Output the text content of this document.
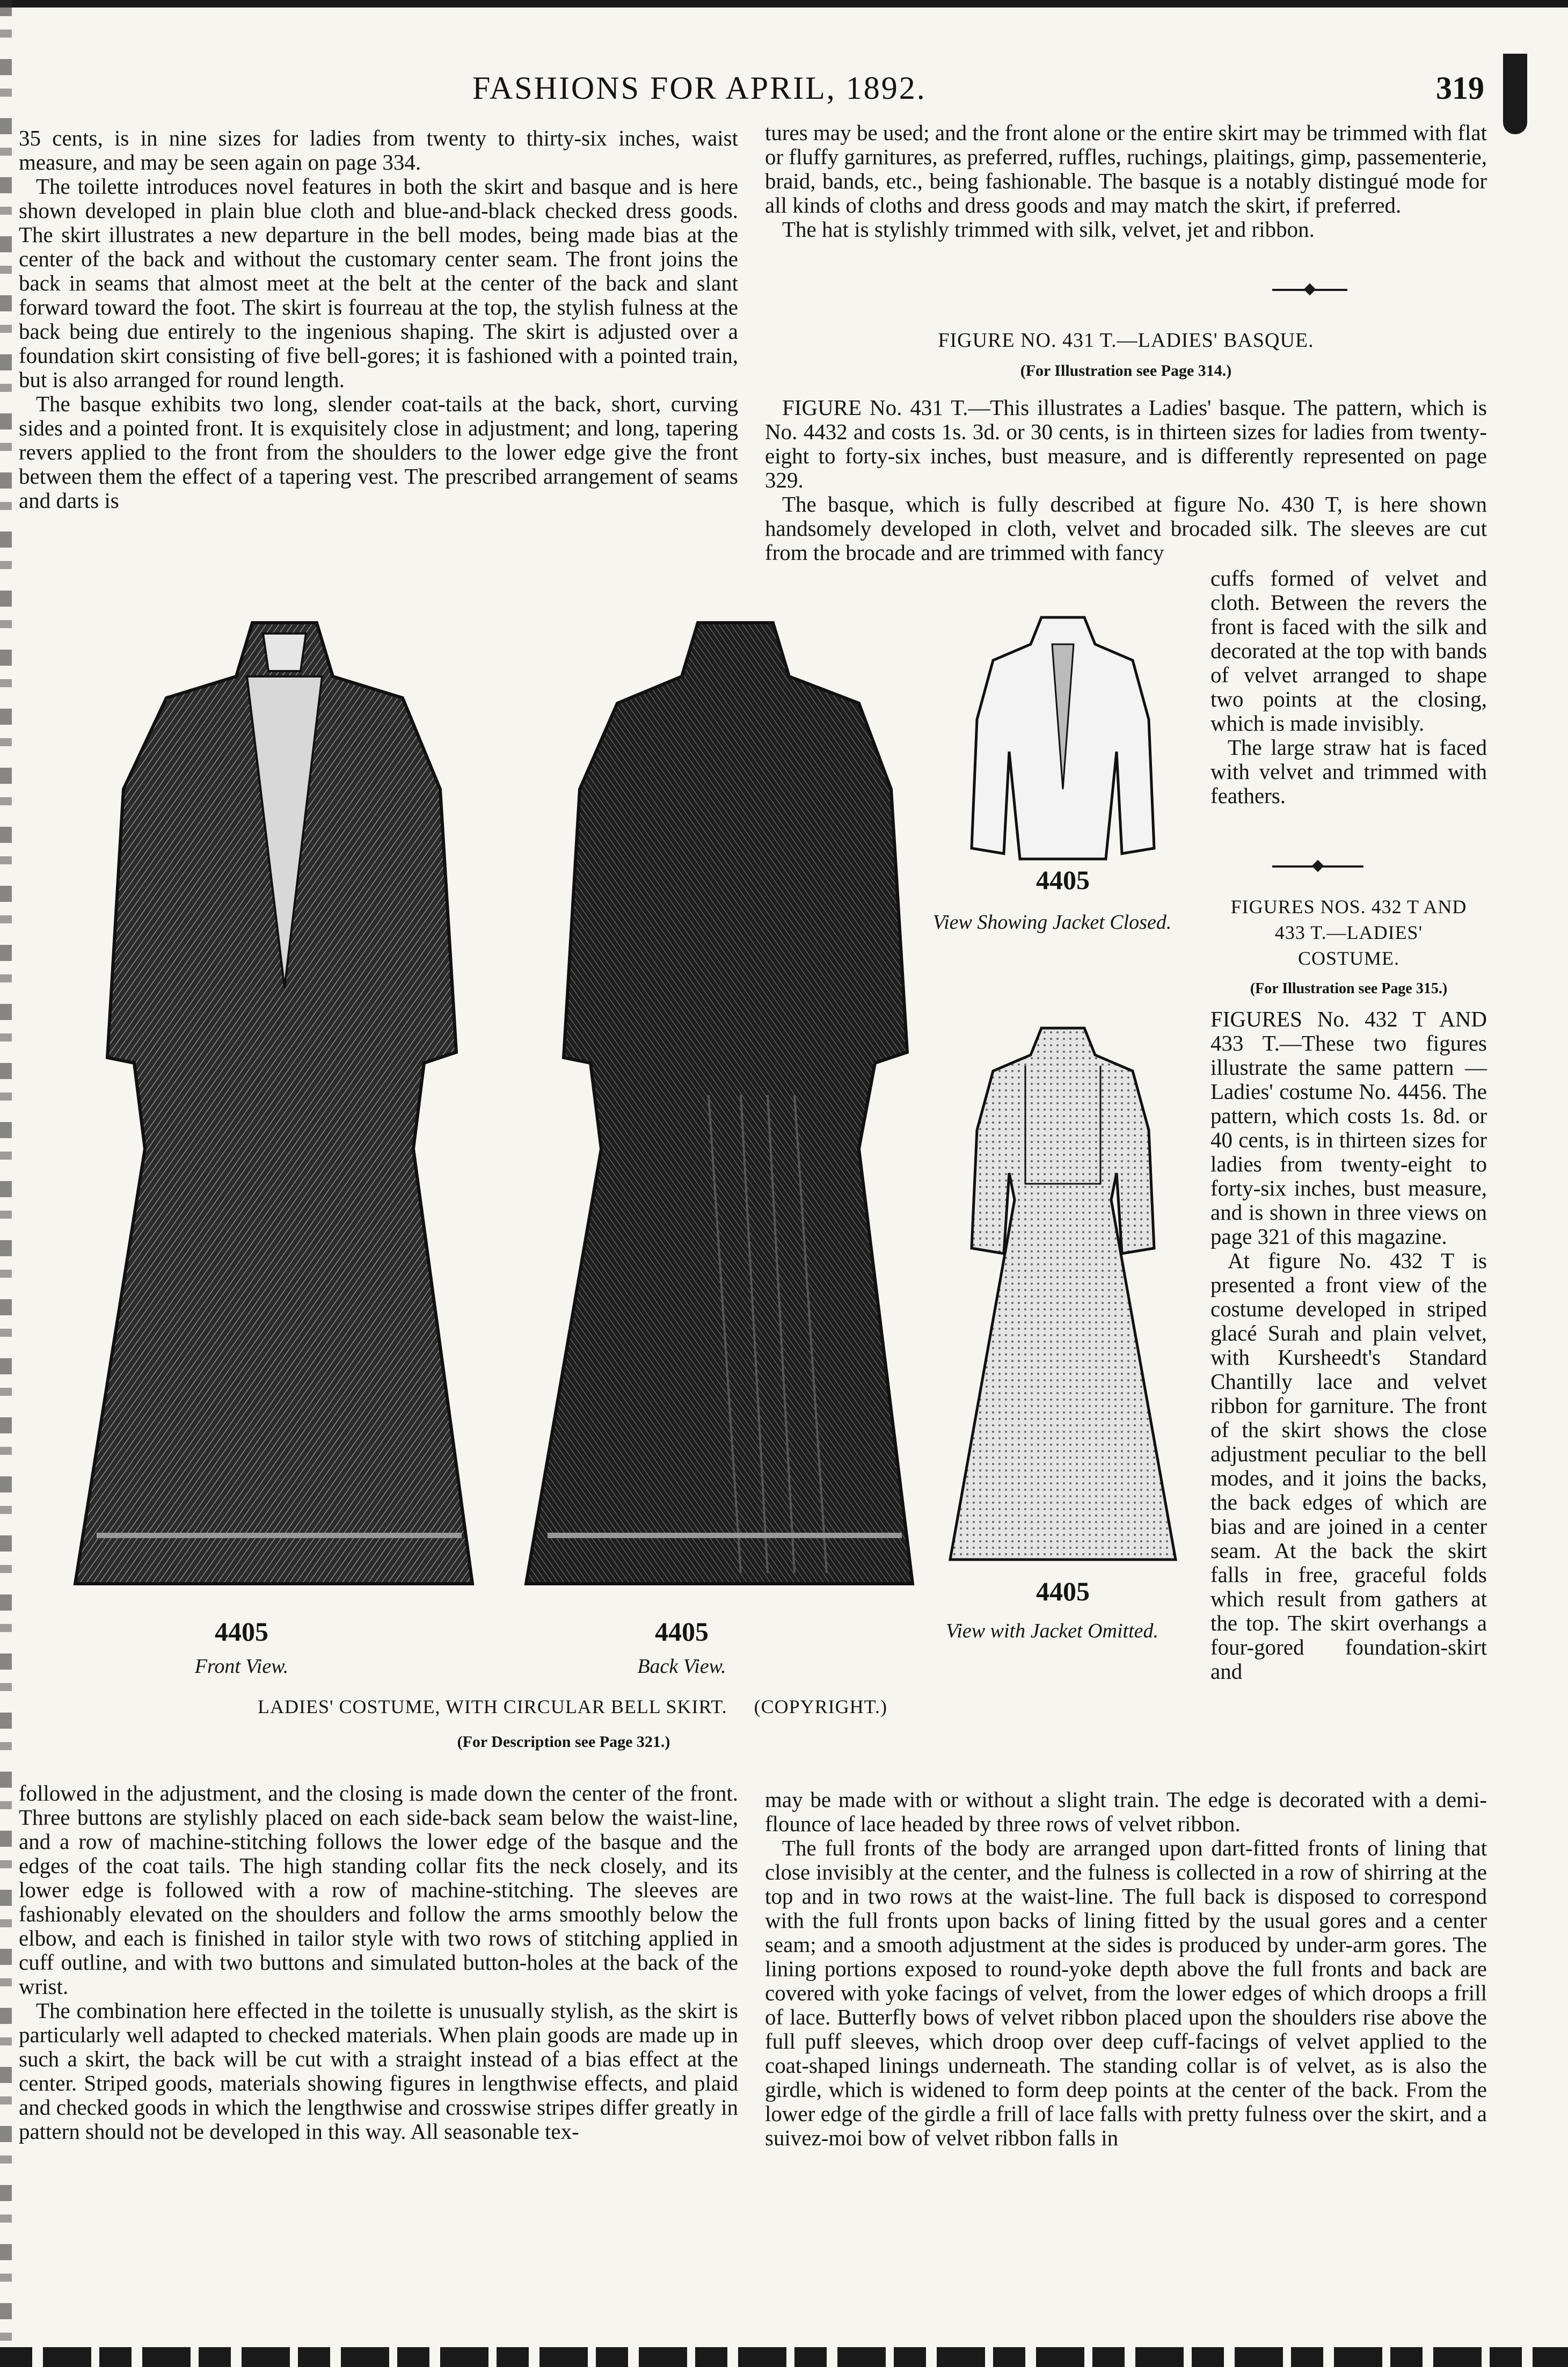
FASHIONS FOR APRIL, 1892.	319

35 cents, is in nine sizes for ladies from twenty to thirty-six inches, waist measure, and may be seen again on page 334.

The toilette introduces novel features in both the skirt and basque and is here shown developed in plain blue cloth and blue-and-black checked dress goods. The skirt illustrates a new departure in the bell modes, being made bias at the center of the back and without the customary center seam. The front joins the back in seams that almost meet at the belt at the center of the back and slant forward toward the foot. The skirt is fourreau at the top, the stylish fulness at the back being due entirely to the ingenious shaping. The skirt is adjusted over a foundation skirt consisting of five bell-gores; it is fashioned with a pointed train, but is also arranged for round length.

The basque exhibits two long, slender coat-tails at the back, short, curving sides and a pointed front. It is exquisitely close in adjustment; and long, tapering revers applied to the front from the shoulders to the lower edge give the front between them the effect of a tapering vest. The prescribed arrangement of seams and darts is

tures may be used; and the front alone or the entire skirt may be trimmed with flat or fluffy garnitures, as preferred, ruffles, ruchings, plaitings, gimp, passementerie, braid, bands, etc., being fashionable. The basque is a notably distingué mode for all kinds of cloths and dress goods and may match the skirt, if preferred.

The hat is stylishly trimmed with silk, velvet, jet and ribbon.

FIGURE NO. 431 T.—LADIES' BASQUE.
(For Illustration see Page 314.)

FIGURE No. 431 T.—This illustrates a Ladies' basque. The pattern, which is No. 4432 and costs 1s. 3d. or 30 cents, is in thirteen sizes for ladies from twenty-eight to forty-six inches, bust measure, and is differently represented on page 329.

The basque, which is fully described at figure No. 430 T, is here shown handsomely developed in cloth, velvet and brocaded silk. The sleeves are cut from the brocade and are trimmed with fancy

cuffs formed of velvet and cloth. Between the revers the front is faced with the silk and decorated at the top with bands of velvet arranged to shape two points at the closing, which is made invisibly.

The large straw hat is faced with velvet and trimmed with feathers.

FIGURES NOS. 432 T AND
433 T.—LADIES'
COSTUME.
(For Illustration see Page 315.)

FIGURES No. 432 T AND 433 T.—These two figures illustrate the same pattern —Ladies' costume No. 4456. The pattern, which costs 1s. 8d. or 40 cents, is in thirteen sizes for ladies from twenty-eight to forty-six inches, bust measure, and is shown in three views on page 321 of this magazine.

At figure No. 432 T is presented a front view of the costume developed in striped glacé Surah and plain velvet, with Kursheedt's Standard Chantilly lace and velvet ribbon for garniture. The front of the skirt shows the close adjustment peculiar to the bell modes, and it joins the backs, the back edges of which are bias and are joined in a center seam. At the back the skirt falls in free, graceful folds which result from gathers at the top. The skirt overhangs a four-gored foundation-skirt and

4405
Front View.
4405
Back View.
4405
View Showing Jacket Closed.
4405
View with Jacket Omitted.
LADIES' COSTUME, WITH CIRCULAR BELL SKIRT. (COPYRIGHT.)
(For Description see Page 321.)

followed in the adjustment, and the closing is made down the center of the front. Three buttons are stylishly placed on each side-back seam below the waist-line, and a row of machine-stitching follows the lower edge of the basque and the edges of the coat tails. The high standing collar fits the neck closely, and its lower edge is followed with a row of machine-stitching. The sleeves are fashionably elevated on the shoulders and follow the arms smoothly below the elbow, and each is finished in tailor style with two rows of stitching applied in cuff outline, and with two buttons and simulated button-holes at the back of the wrist.

The combination here effected in the toilette is unusually stylish, as the skirt is particularly well adapted to checked materials. When plain goods are made up in such a skirt, the back will be cut with a straight instead of a bias effect at the center. Striped goods, materials showing figures in lengthwise effects, and plaid and checked goods in which the lengthwise and crosswise stripes differ greatly in pattern should not be developed in this way. All seasonable tex-

may be made with or without a slight train. The edge is decorated with a demi-flounce of lace headed by three rows of velvet ribbon.

The full fronts of the body are arranged upon dart-fitted fronts of lining that close invisibly at the center, and the fulness is collected in a row of shirring at the top and in two rows at the waist-line. The full back is disposed to correspond with the full fronts upon backs of lining fitted by the usual gores and a center seam; and a smooth adjustment at the sides is produced by under-arm gores. The lining portions exposed to round-yoke depth above the full fronts and back are covered with yoke facings of velvet, from the lower edges of which droops a frill of lace. Butterfly bows of velvet ribbon placed upon the shoulders rise above the full puff sleeves, which droop over deep cuff-facings of velvet applied to the coat-shaped linings underneath. The standing collar is of velvet, as is also the girdle, which is widened to form deep points at the center of the back. From the lower edge of the girdle a frill of lace falls with pretty fulness over the skirt, and a suivez-moi bow of velvet ribbon falls in
